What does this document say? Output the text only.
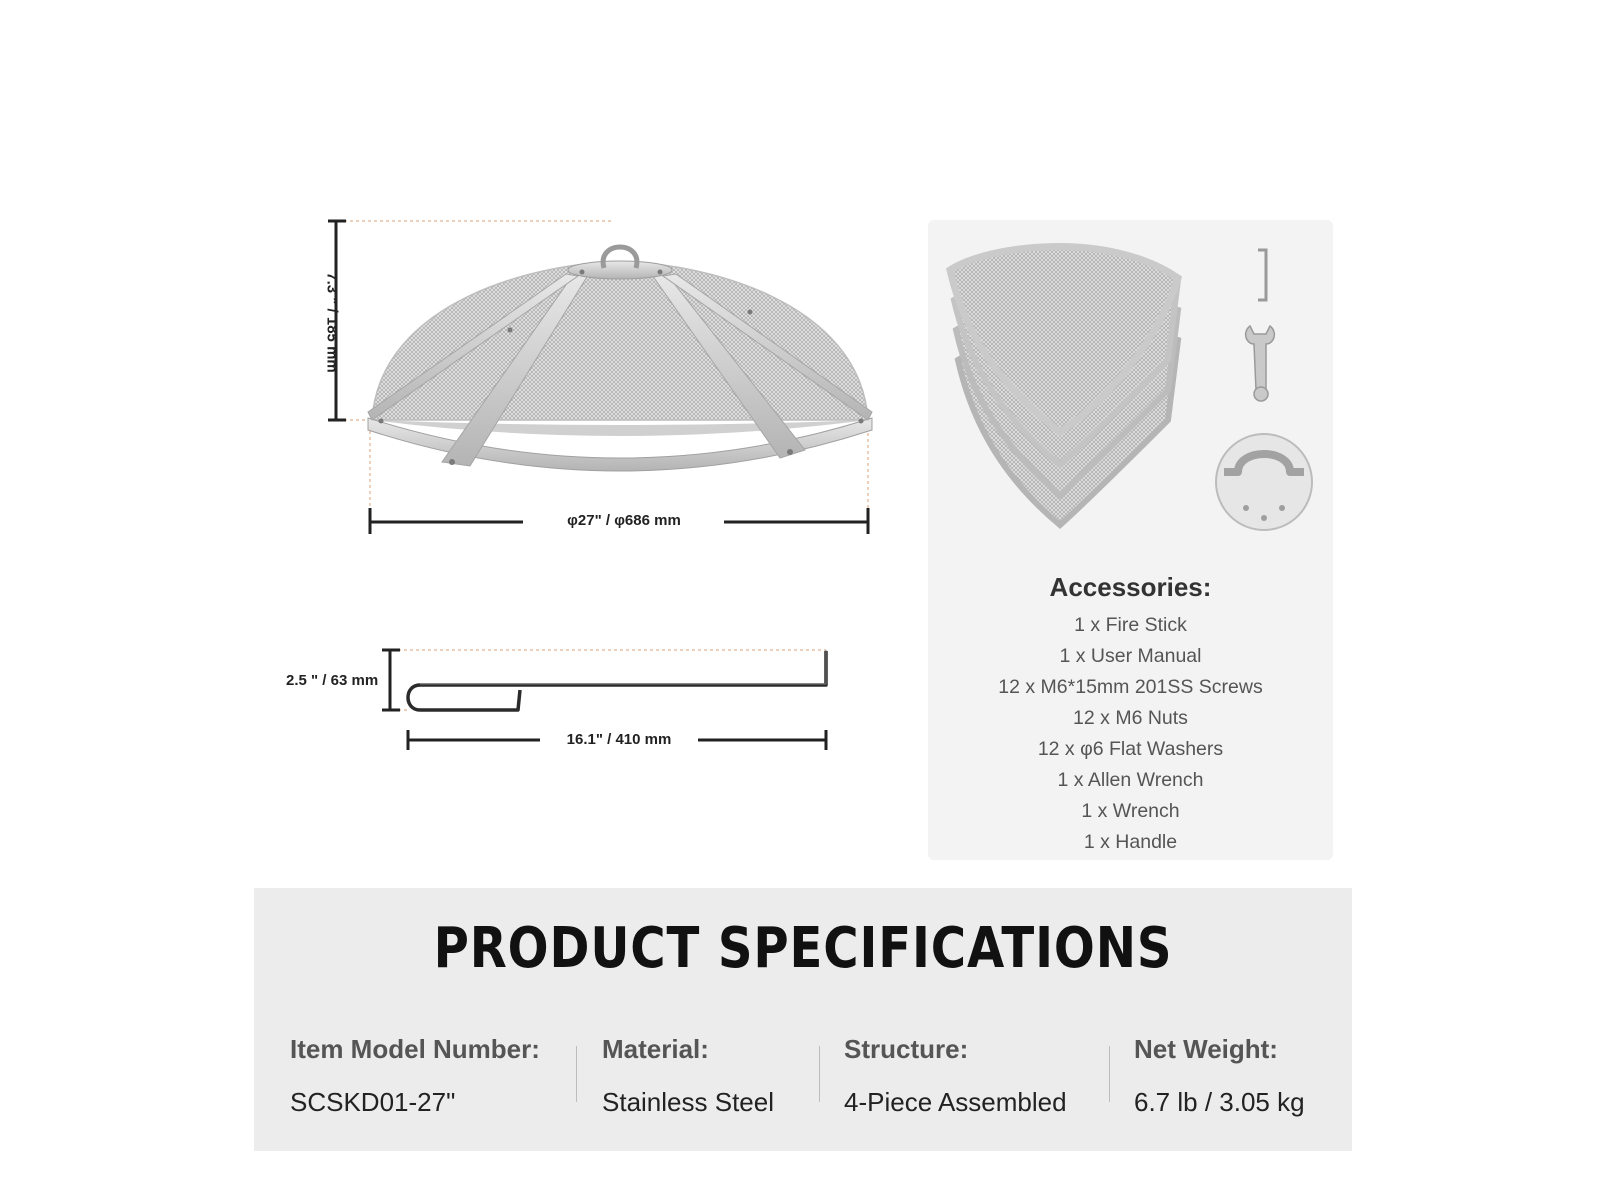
7.3 " / 185 mm
φ27" / φ686 mm
2.5 " / 63 mm
16.1" / 410 mm
Accessories:
1 x Fire Stick
1 x User Manual
12 x M6*15mm 201SS Screws
12 x M6 Nuts
12 x φ6 Flat Washers
1 x Allen Wrench
1 x Wrench
1 x Handle
PRODUCT SPECIFICATIONS
Item Model Number:
SCSKD01-27"
Material:
Stainless Steel
Structure:
4-Piece Assembled
Net Weight:
6.7 lb / 3.05 kg
